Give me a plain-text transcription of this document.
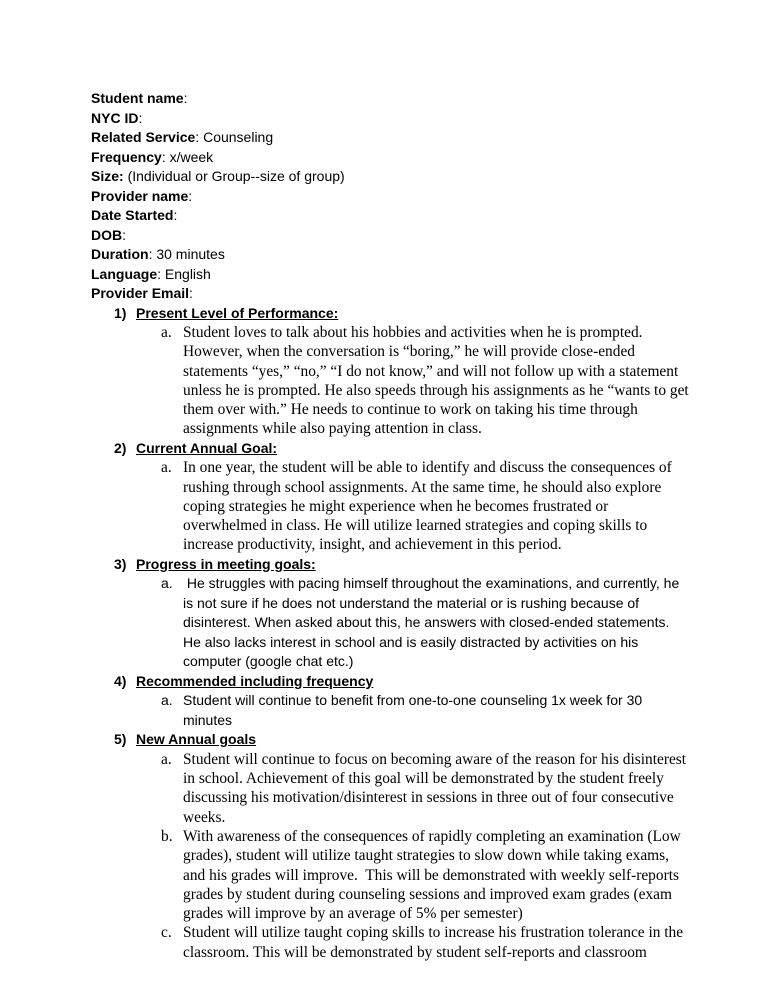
Student name:
NYC ID:
Related Service: Counseling
Frequency: x/week
Size: (Individual or Group--size of group)
Provider name:
Date Started:
DOB:
Duration: 30 minutes
Language: English
Provider Email:
1) Present Level of Performance:
a. Student loves to talk about his hobbies and activities when he is prompted.
However, when the conversation is “boring,” he will provide close-ended
statements “yes,” “no,” “I do not know,” and will not follow up with a statement
unless he is prompted. He also speeds through his assignments as he “wants to get
them over with.” He needs to continue to work on taking his time through
assignments while also paying attention in class.
2) Current Annual Goal:
a. In one year, the student will be able to identify and discuss the consequences of
rushing through school assignments. At the same time, he should also explore
coping strategies he might experience when he becomes frustrated or
overwhelmed in class. He will utilize learned strategies and coping skills to
increase productivity, insight, and achievement in this period.
3) Progress in meeting goals:
a. He struggles with pacing himself throughout the examinations, and currently, he
is not sure if he does not understand the material or is rushing because of
disinterest. When asked about this, he answers with closed-ended statements.
He also lacks interest in school and is easily distracted by activities on his
computer (google chat etc.)
4) Recommended including frequency
a. Student will continue to benefit from one-to-one counseling 1x week for 30
minutes
5) New Annual goals
a. Student will continue to focus on becoming aware of the reason for his disinterest
in school. Achievement of this goal will be demonstrated by the student freely
discussing his motivation/disinterest in sessions in three out of four consecutive
weeks.
b. With awareness of the consequences of rapidly completing an examination (Low
grades), student will utilize taught strategies to slow down while taking exams,
and his grades will improve.  This will be demonstrated with weekly self-reports
grades by student during counseling sessions and improved exam grades (exam
grades will improve by an average of 5% per semester)
c. Student will utilize taught coping skills to increase his frustration tolerance in the
classroom. This will be demonstrated by student self-reports and classroom
